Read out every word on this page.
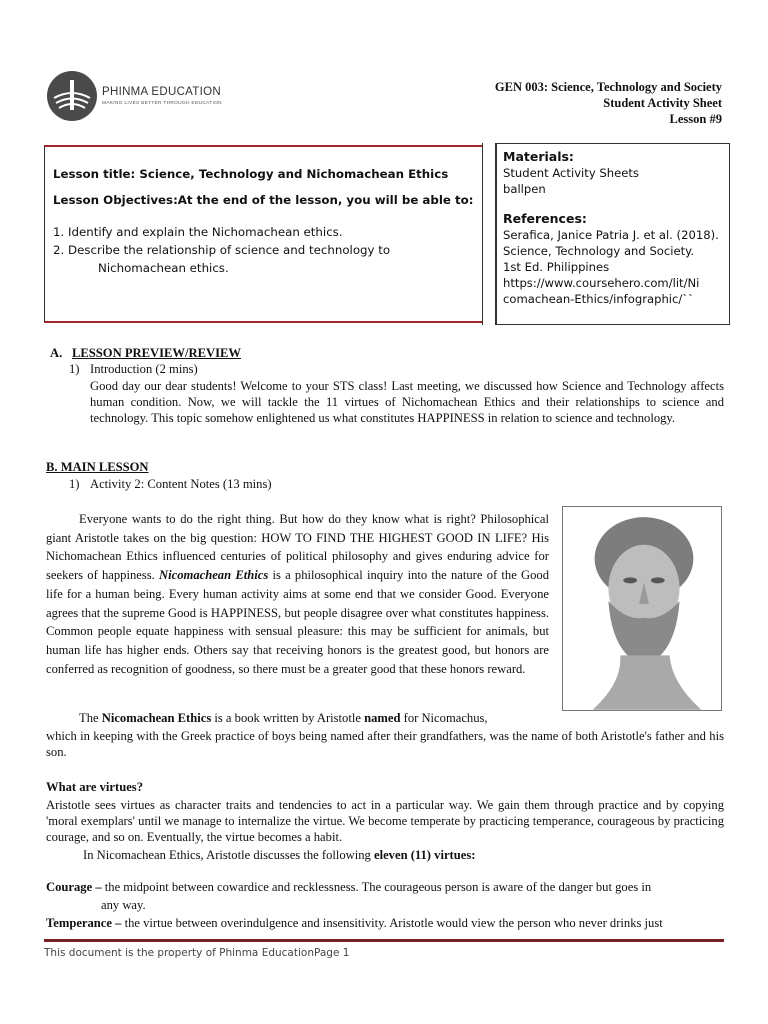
PHINMA EDUCATION
MAKING LIVES BETTER THROUGH EDUCATION
GEN 003: Science, Technology and Society
Student Activity Sheet
Lesson #9
Lesson title: Science, Technology and Nichomachean Ethics
Lesson Objectives:At the end of the lesson, you will be able to:
1. Identify and explain the Nichomachean ethics.
2. Describe the relationship of science and technology to
Nichomachean ethics.
Materials:
Student Activity Sheets
ballpen
References:
Serafica, Janice Patria J. et al. (2018).
Science, Technology and Society.
1st Ed. Philippines
https://www.coursehero.com/lit/Ni
comachean-Ethics/infographic/``
A. LESSON PREVIEW/REVIEW
1) Introduction (2 mins)
Good day our dear students! Welcome to your STS class! Last meeting, we discussed how Science and Technology affects human condition. Now, we will tackle the 11 virtues of Nichomachean Ethics and their relationships to science and technology. This topic somehow enlightened us what constitutes HAPPINESS in relation to science and technology.
B. MAIN LESSON
1) Activity 2: Content Notes (13 mins)
Everyone wants to do the right thing. But how do they know what is right? Philosophical giant Aristotle takes on the big question: HOW TO FIND THE HIGHEST GOOD IN LIFE? His Nichomachean Ethics influenced centuries of political philosophy and gives enduring advice for seekers of happiness. Nicomachean Ethics is a philosophical inquiry into the nature of the Good life for a human being. Every human activity aims at some end that we consider Good. Everyone agrees that the supreme Good is HAPPINESS, but people disagree over what constitutes happiness. Common people equate happiness with sensual pleasure: this may be sufficient for animals, but human life has higher ends. Others say that receiving honors is the greatest good, but honors are conferred as recognition of goodness, so there must be a greater good that these honors reward.
The Nicomachean Ethics is a book written by Aristotle named for Nicomachus,
which in keeping with the Greek practice of boys being named after their grandfathers, was the name of both Aristotle's father and his son.
What are virtues?
Aristotle sees virtues as character traits and tendencies to act in a particular way. We gain them through practice and by copying 'moral exemplars' until we manage to internalize the virtue. We become temperate by practicing temperance, courageous by practicing courage, and so on. Eventually, the virtue becomes a habit.
In Nicomachean Ethics, Aristotle discusses the following eleven (11) virtues:
Courage – the midpoint between cowardice and recklessness. The courageous person is aware of the danger but goes in
any way.
Temperance – the virtue between overindulgence and insensitivity. Aristotle would view the person who never drinks just
This document is the property of Phinma EducationPage 1
